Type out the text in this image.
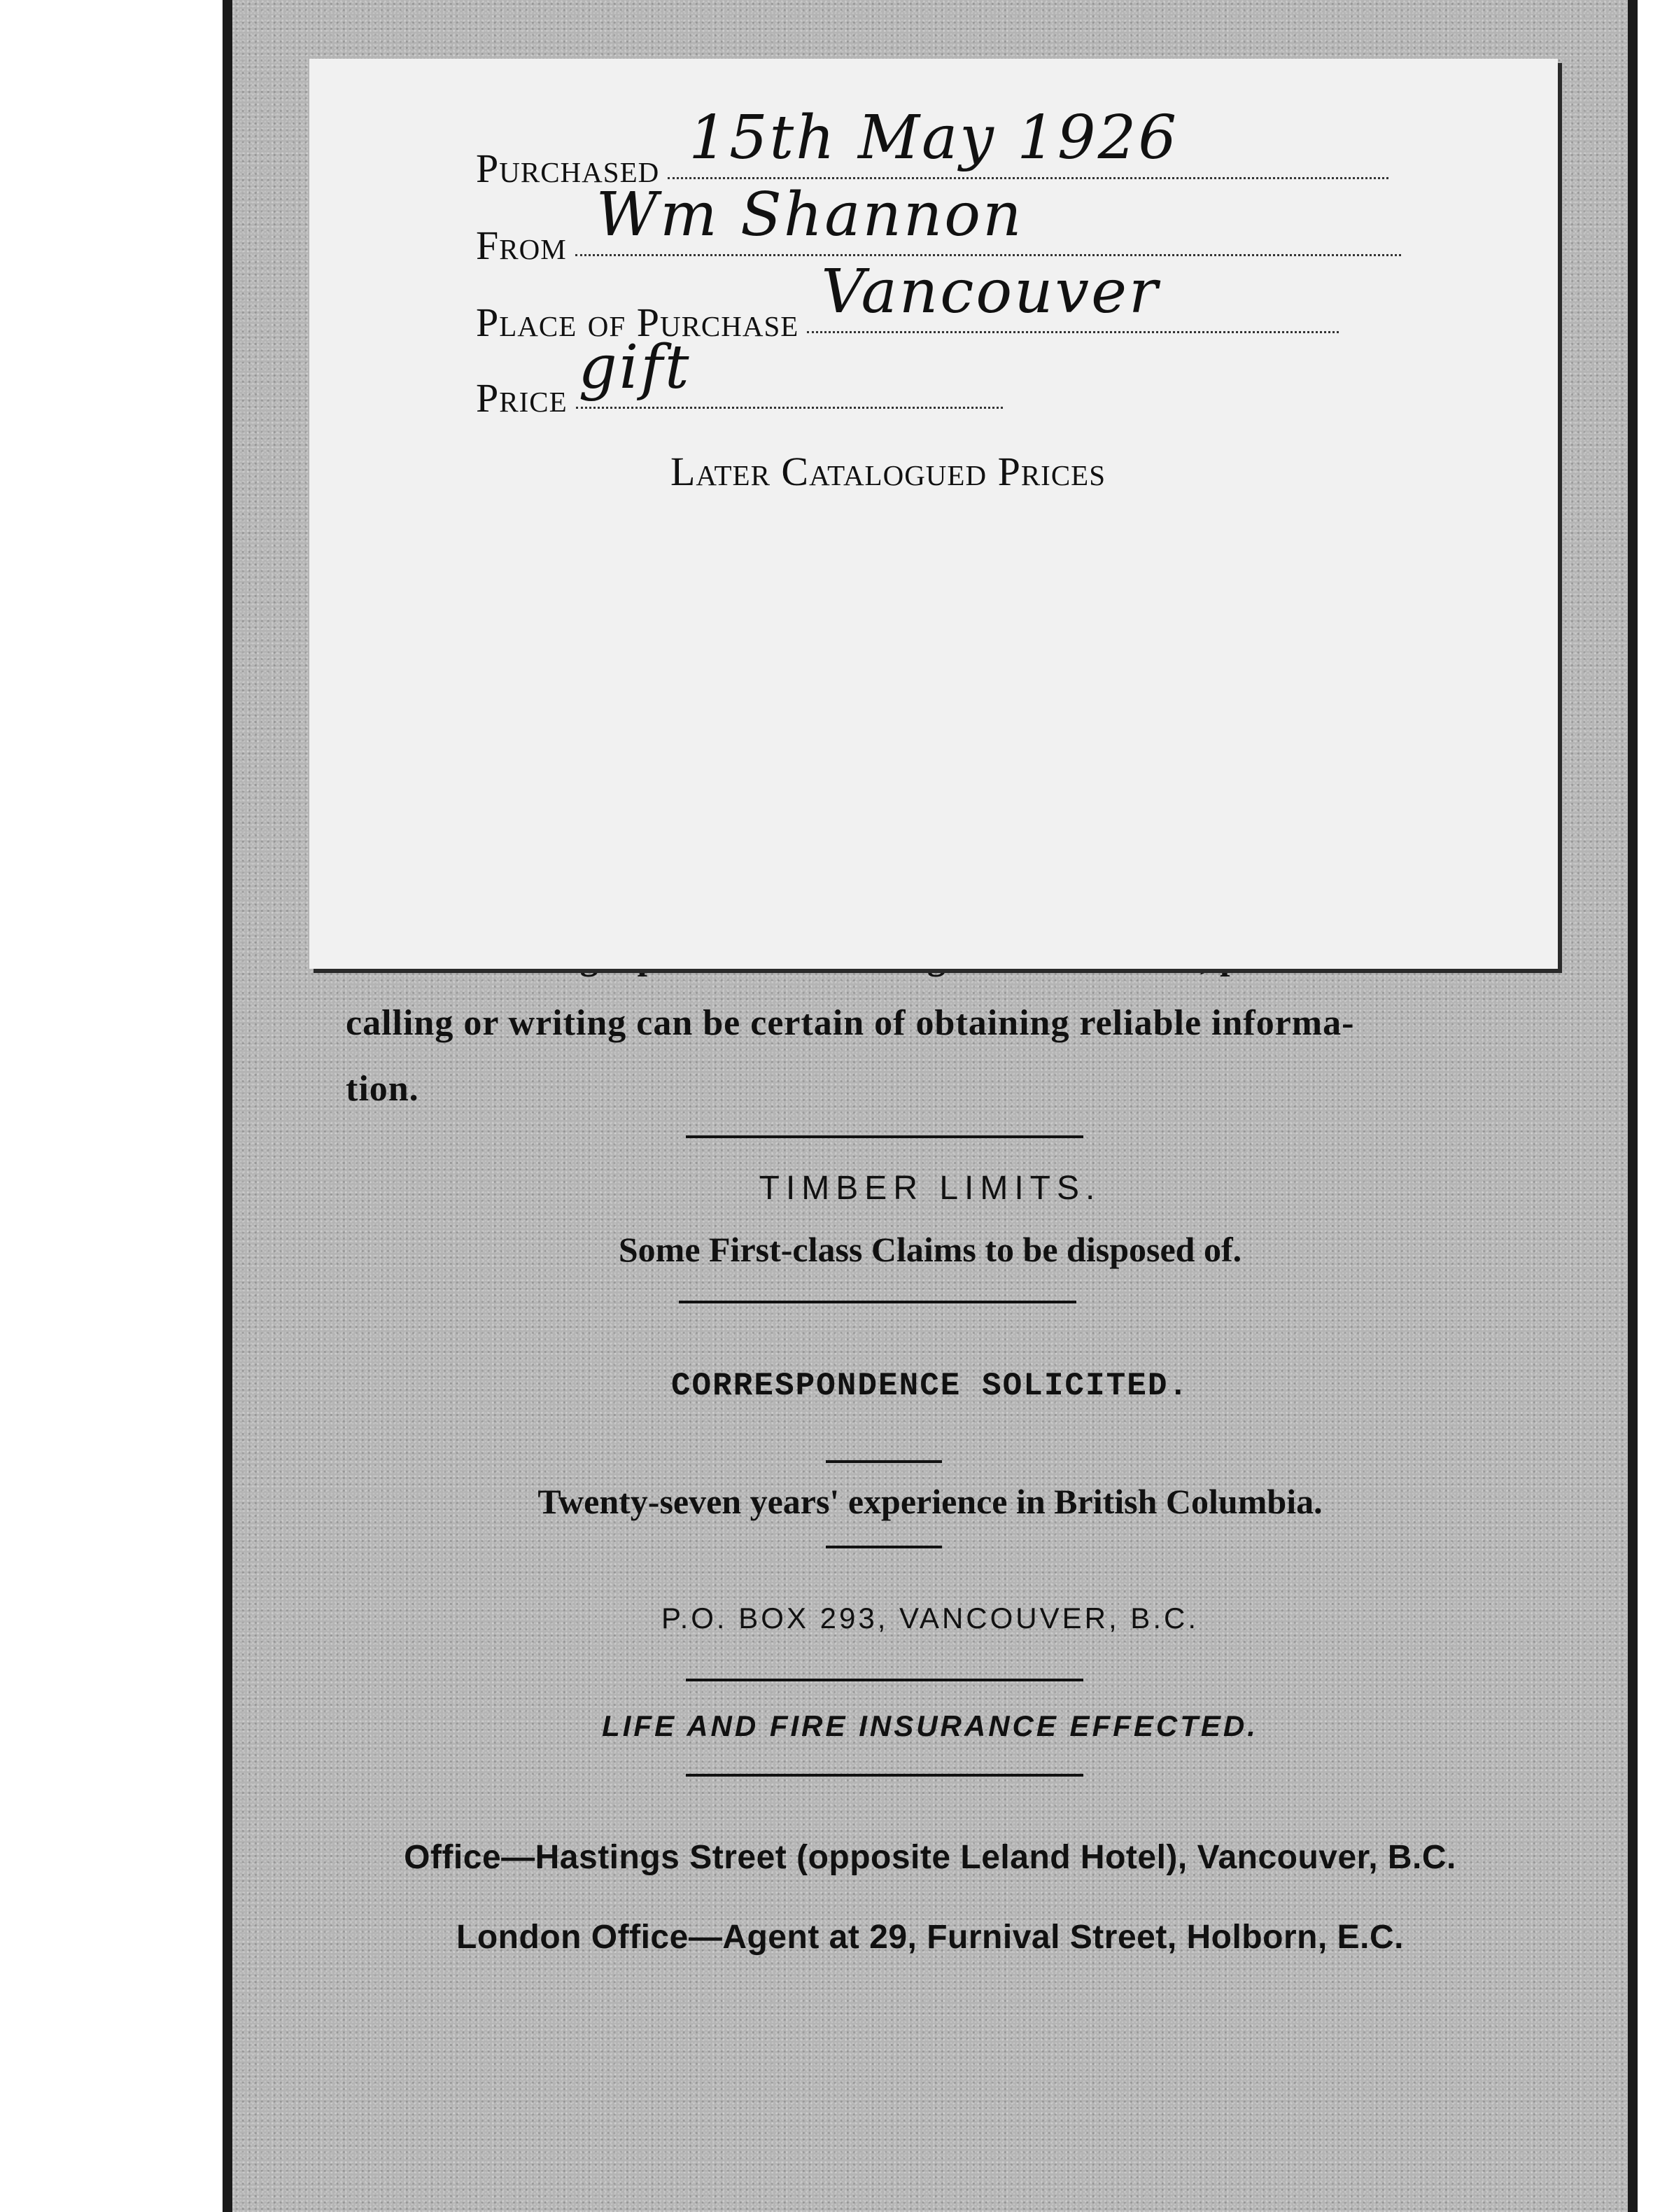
calling or writing can be certain of obtaining reliable informa-
tion.
TIMBER LIMITS.
Some First-class Claims to be disposed of.
CORRESPONDENCE SOLICITED.
Twenty-seven years' experience in British Columbia.
P.O. BOX 293, VANCOUVER, B.C.
LIFE AND FIRE INSURANCE EFFECTED.
Office—Hastings Street (opposite Leland Hotel), Vancouver, B.C.
London Office—Agent at 29, Furnival Street, Holborn, E.C.
Purchased 15th May 1926
From Wm Shannon
Place of Purchase Vancouver
Price gift
Later Catalogued Prices
